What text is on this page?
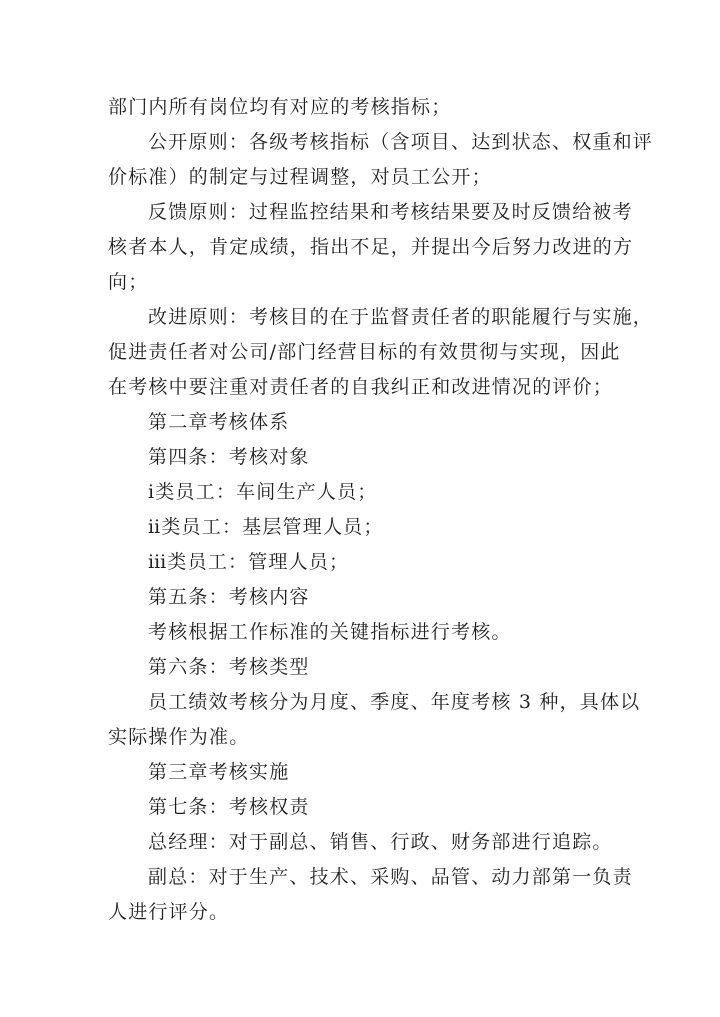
部门内所有岗位均有对应的考核指标；
公开原则：各级考核指标（含项目、达到状态、权重和评
价标准）的制定与过程调整，对员工公开；
反馈原则：过程监控结果和考核结果要及时反馈给被考
核者本人，肯定成绩，指出不足，并提出今后努力改进的方
向；
改进原则：考核目的在于监督责任者的职能履行与实施，
促进责任者对公司/部门经营目标的有效贯彻与实现，因此
在考核中要注重对责任者的自我纠正和改进情况的评价；
第二章考核体系
第四条：考核对象
ⅰ类员工：车间生产人员；
ⅱ类员工：基层管理人员；
ⅲ类员工：管理人员；
第五条：考核内容
考核根据工作标准的关键指标进行考核。
第六条：考核类型
员工绩效考核分为月度、季度、年度考核 3 种，具体以
实际操作为准。
第三章考核实施
第七条：考核权责
总经理：对于副总、销售、行政、财务部进行追踪。
副总：对于生产、技术、采购、品管、动力部第一负责
人进行评分。
